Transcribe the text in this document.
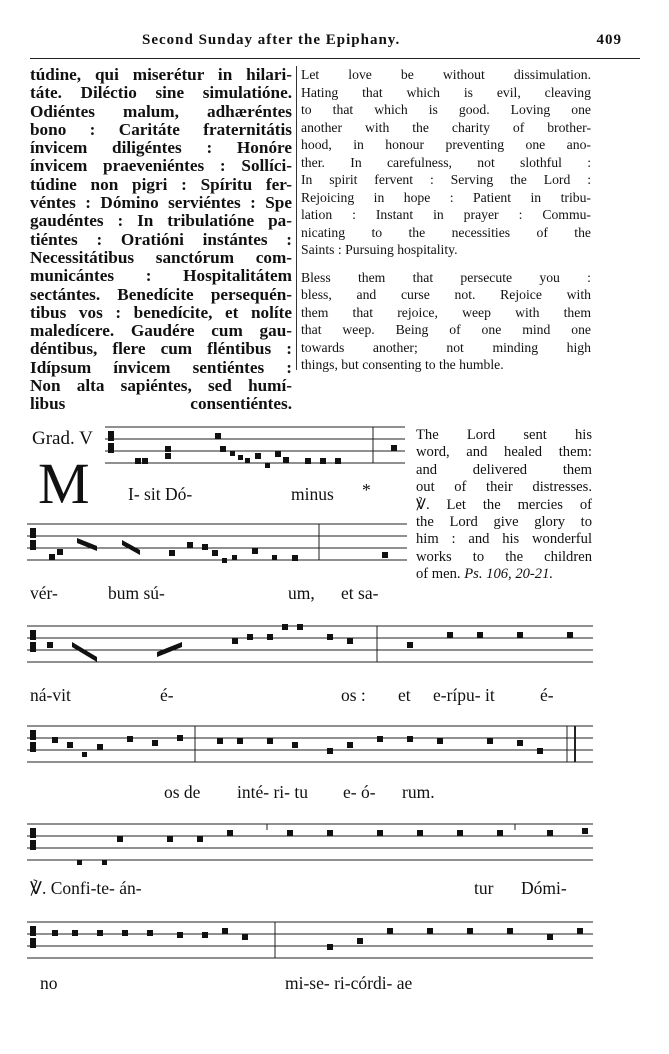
Second Sunday after the Epiphany.	409
túdine, qui miserétur in hilari-
táte. Diléctio sine simulatióne.
Odiéntes malum, adhæréntes
bono : Caritáte fraternitátis
ínvicem diligéntes : Honóre
ínvicem praeveniéntes : Sollíci-
túdine non pigri : Spíritu fer-
véntes : Dómino serviéntes : Spe
gaudéntes : In tribulatióne pa-
tiéntes : Oratióni instántes :
Necessitátibus sanctórum com-
municántes : Hospitalitátem
sectántes. Benedícite persequén-
tibus vos : benedícite, et nolíte
maledícere. Gaudére cum gau-
déntibus, flere cum fléntibus :
Idípsum ínvicem sentiéntes :
Non alta sapiéntes, sed humí-
libus consentiéntes.
Let love be without dissimulation.
Hating that which is evil, cleaving
to that which is good. Loving one
another with the charity of brother-
hood, in honour preventing one ano-
ther. In carefulness, not slothful :
In spirit fervent : Serving the Lord :
Rejoicing in hope : Patient in tribu-
lation : Instant in prayer : Commu-
nicating to the necessities of the
Saints : Pursuing hospitality.
Bless them that persecute you :
bless, and curse not. Rejoice with
them that rejoice, weep with them
that weep. Being of one mind one
towards another; not minding high
things, but consenting to the humble.
Grad. V
M
The Lord sent his
word, and healed them:
and delivered them
out of their distresses.
℣. Let the mercies of
the Lord give glory to
him : and his wonderful
works to the children
of men. Ps. 106, 20-21.
I- sit Dó-	minus *
vér-	bum sú-	um, et sa-
ná-vit	é-	os : et e-rípu- it	é-
os de inté- ri- tu e- ó- rum.
℣. Confi-te- án-	tur Dómi-
no	mi-se- ri-córdi- ae
